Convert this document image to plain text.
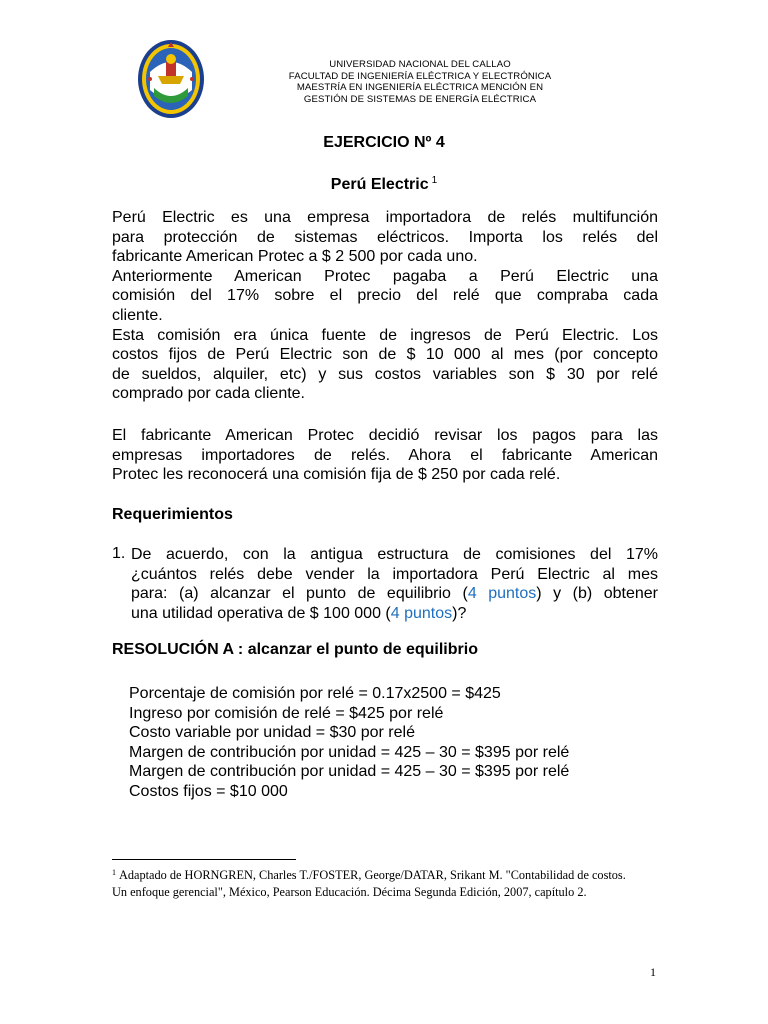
UNIVERSIDAD NACIONAL DEL CALLAO
FACULTAD DE INGENIERÍA ELÉCTRICA Y ELECTRÓNICA
MAESTRÍA EN INGENIERÍA ELÉCTRICA MENCIÓN EN
GESTIÓN DE SISTEMAS DE ENERGÍA ELÉCTRICA
EJERCICIO Nº 4
Perú Electric $^1$
Perú Electric es una empresa importadora de relés multifunción
para protección de sistemas eléctricos. Importa los relés del
fabricante American Protec a $ 2 500 por cada uno.
Anteriormente American Protec pagaba a Perú Electric una
comisión del 17% sobre el precio del relé que compraba cada
cliente.
Esta comisión era única fuente de ingresos de Perú Electric. Los
costos fijos de Perú Electric son de $ 10 000 al mes (por concepto
de sueldos, alquiler, etc) y sus costos variables son $ 30 por relé
comprado por cada cliente.
El fabricante American Protec decidió revisar los pagos para las
empresas importadores de relés. Ahora el fabricante American
Protec les reconocerá una comisión fija de $ 250 por cada relé.
Requerimientos
1. De acuerdo, con la antigua estructura de comisiones del 17%
¿cuántos relés debe vender la importadora Perú Electric al mes
para: (a) alcanzar el punto de equilibrio (4 puntos) y (b) obtener
una utilidad operativa de $ 100 000 (4 puntos)?
RESOLUCIÓN A : alcanzar el punto de equilibrio
Porcentaje de comisión por relé = 0.17x2500 = $425
Ingreso por comisión de relé = $425 por relé
Costo variable por unidad = $30 por relé
Margen de contribución por unidad = 425 – 30 = $395 por relé
Margen de contribución por unidad = 425 – 30 = $395 por relé
Costos fijos = $10 000
$^1$ Adaptado de HORNGREN, Charles T./FOSTER, George/DATAR, Srikant M. "Contabilidad de costos.
Un enfoque gerencial", México, Pearson Educación. Décima Segunda Edición, 2007, capítulo 2.
1
